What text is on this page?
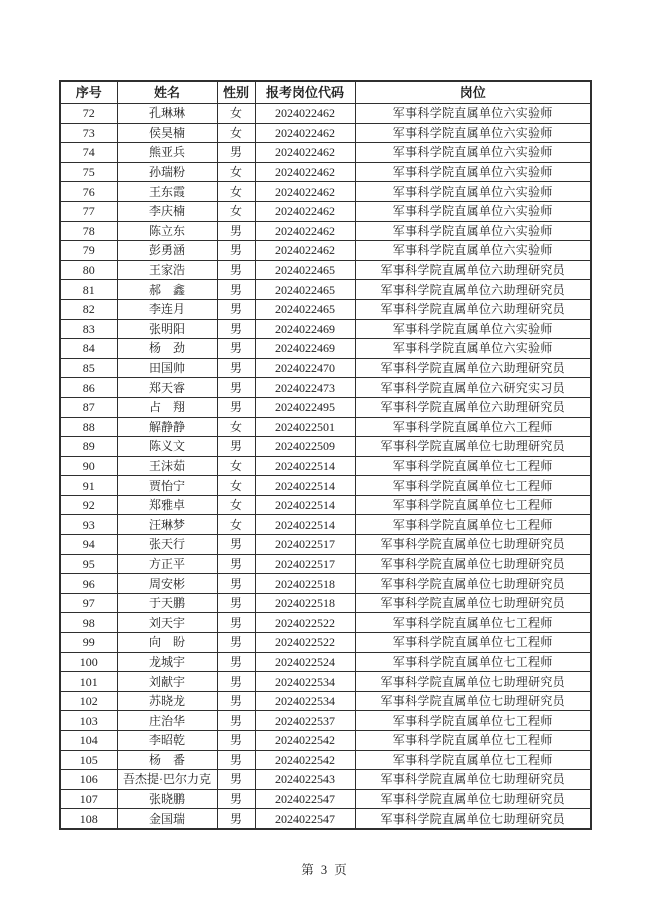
序号	姓名	性别	报考岗位代码	岗位
72	孔琳琳	女	2024022462	军事科学院直属单位六实验师
73	侯昊楠	女	2024022462	军事科学院直属单位六实验师
74	熊亚兵	男	2024022462	军事科学院直属单位六实验师
75	孙瑞粉	女	2024022462	军事科学院直属单位六实验师
76	王东霞	女	2024022462	军事科学院直属单位六实验师
77	李庆楠	女	2024022462	军事科学院直属单位六实验师
78	陈立东	男	2024022462	军事科学院直属单位六实验师
79	彭勇涵	男	2024022462	军事科学院直属单位六实验师
80	王家浩	男	2024022465	军事科学院直属单位六助理研究员
81	郝　鑫	男	2024022465	军事科学院直属单位六助理研究员
82	李连月	男	2024022465	军事科学院直属单位六助理研究员
83	张明阳	男	2024022469	军事科学院直属单位六实验师
84	杨　劲	男	2024022469	军事科学院直属单位六实验师
85	田国帅	男	2024022470	军事科学院直属单位六助理研究员
86	郑天睿	男	2024022473	军事科学院直属单位六研究实习员
87	占　翔	男	2024022495	军事科学院直属单位六助理研究员
88	解静静	女	2024022501	军事科学院直属单位六工程师
89	陈义文	男	2024022509	军事科学院直属单位七助理研究员
90	王沫茹	女	2024022514	军事科学院直属单位七工程师
91	贾怡宁	女	2024022514	军事科学院直属单位七工程师
92	郑雅卓	女	2024022514	军事科学院直属单位七工程师
93	汪琳梦	女	2024022514	军事科学院直属单位七工程师
94	张天行	男	2024022517	军事科学院直属单位七助理研究员
95	方正平	男	2024022517	军事科学院直属单位七助理研究员
96	周安彬	男	2024022518	军事科学院直属单位七助理研究员
97	于天鹏	男	2024022518	军事科学院直属单位七助理研究员
98	刘天宇	男	2024022522	军事科学院直属单位七工程师
99	向　盼	男	2024022522	军事科学院直属单位七工程师
100	龙城宇	男	2024022524	军事科学院直属单位七工程师
101	刘献宇	男	2024022534	军事科学院直属单位七助理研究员
102	苏晓龙	男	2024022534	军事科学院直属单位七助理研究员
103	庄治华	男	2024022537	军事科学院直属单位七工程师
104	李昭乾	男	2024022542	军事科学院直属单位七工程师
105	杨　番	男	2024022542	军事科学院直属单位七工程师
106	吾杰提·巴尔力克	男	2024022543	军事科学院直属单位七助理研究员
107	张晓鹏	男	2024022547	军事科学院直属单位七助理研究员
108	金国瑞	男	2024022547	军事科学院直属单位七助理研究员
第 3 页
